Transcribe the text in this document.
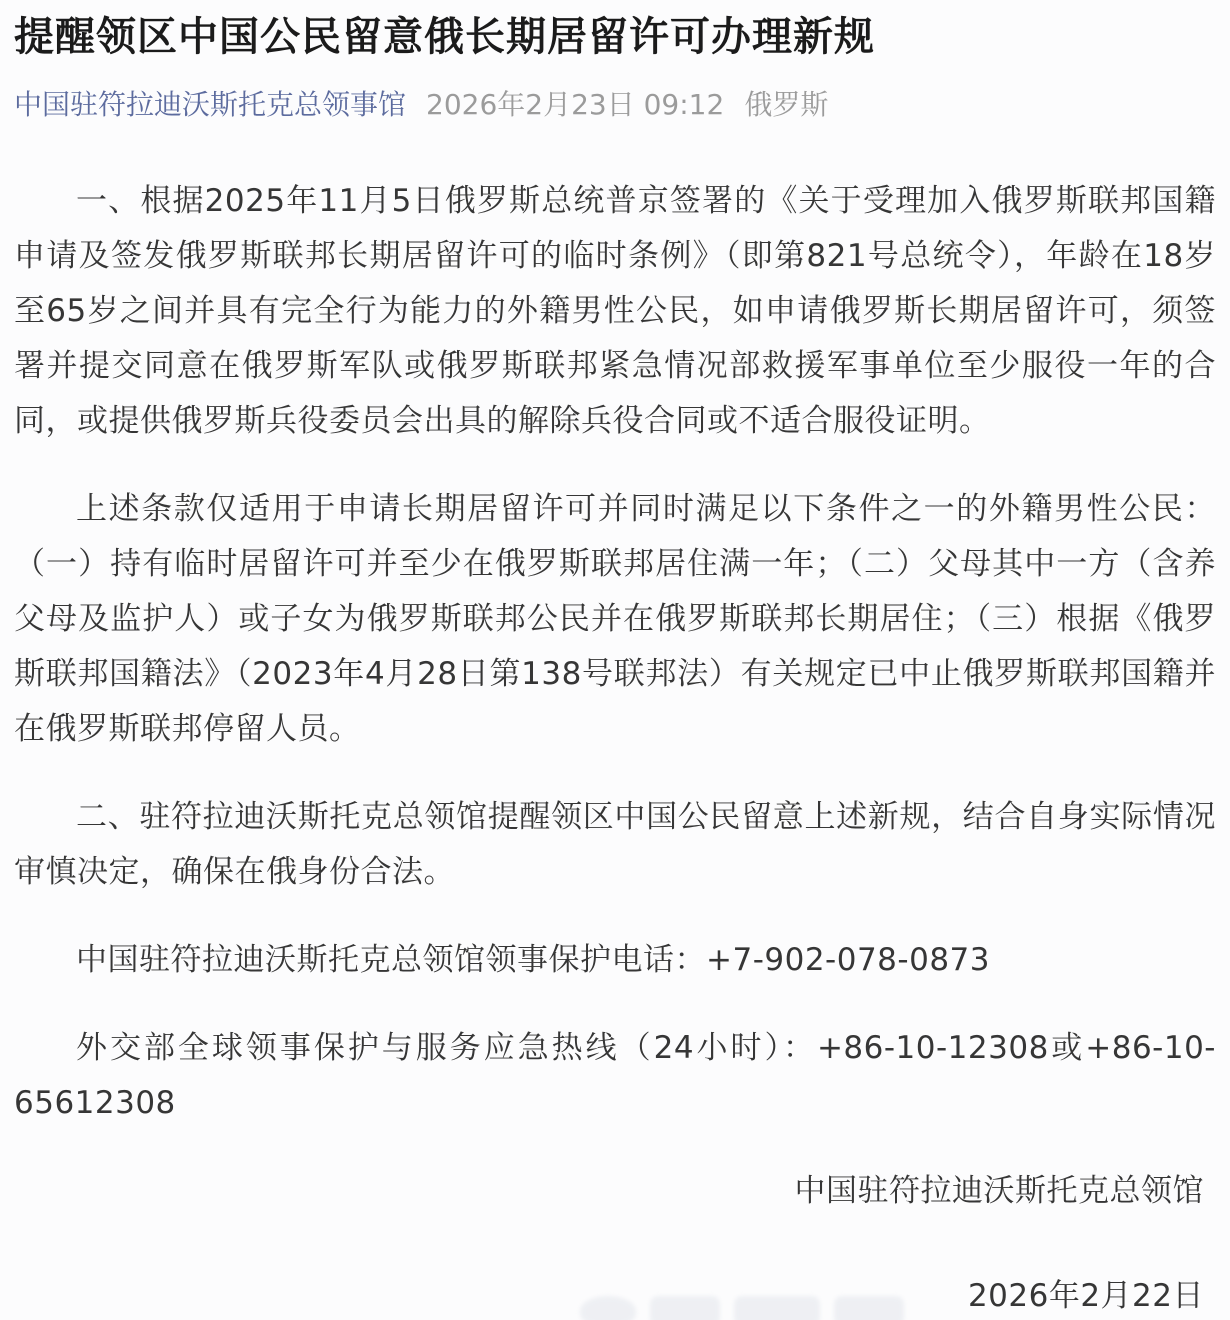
提醒领区中国公民留意俄长期居留许可办理新规
中国驻符拉迪沃斯托克总领事馆 2026年2月23日 09:12 俄罗斯

一、根据2025年11月5日俄罗斯总统普京签署的《关于受理加入俄罗斯联邦国籍申请及签发俄罗斯联邦长期居留许可的临时条例》（即第821号总统令），年龄在18岁至65岁之间并具有完全行为能力的外籍男性公民，如申请俄罗斯长期居留许可，须签署并提交同意在俄罗斯军队或俄罗斯联邦紧急情况部救援军事单位至少服役一年的合同，或提供俄罗斯兵役委员会出具的解除兵役合同或不适合服役证明。

上述条款仅适用于申请长期居留许可并同时满足以下条件之一的外籍男性公民：（一）持有临时居留许可并至少在俄罗斯联邦居住满一年；（二）父母其中一方（含养父母及监护人）或子女为俄罗斯联邦公民并在俄罗斯联邦长期居住；（三）根据《俄罗斯联邦国籍法》（2023年4月28日第138号联邦法）有关规定已中止俄罗斯联邦国籍并在俄罗斯联邦停留人员。

二、驻符拉迪沃斯托克总领馆提醒领区中国公民留意上述新规，结合自身实际情况审慎决定，确保在俄身份合法。

中国驻符拉迪沃斯托克总领馆领事保护电话：+7-902-078-0873

外交部全球领事保护与服务应急热线（24小时）：+86-10-12308或+86-10-65612308

中国驻符拉迪沃斯托克总领馆

2026年2月22日
